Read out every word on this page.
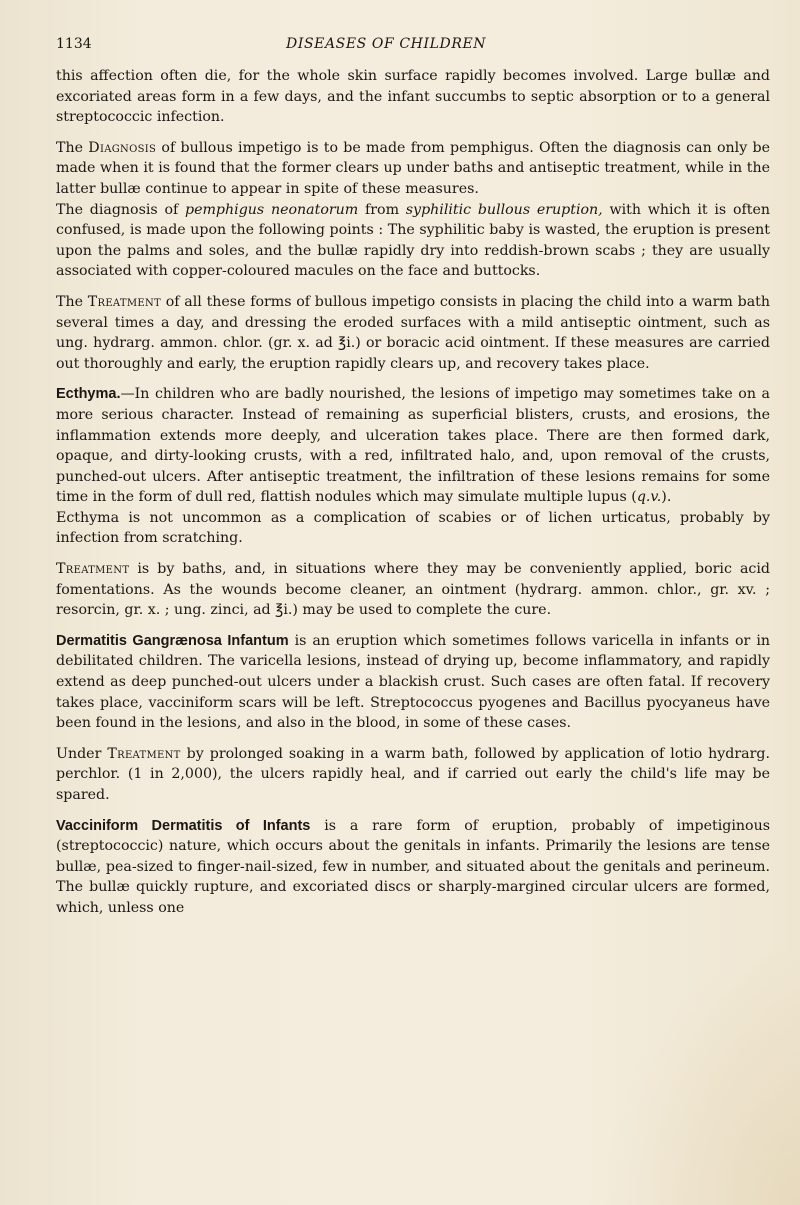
1134	DISEASES OF CHILDREN

this affection often die, for the whole skin surface rapidly becomes involved. Large bullæ and excoriated areas form in a few days, and the infant succumbs to septic absorption or to a general streptococcic infection.

The Diagnosis of bullous impetigo is to be made from pemphigus. Often the diagnosis can only be made when it is found that the former clears up under baths and antiseptic treatment, while in the latter bullæ continue to appear in spite of these measures.

The diagnosis of pemphigus neonatorum from syphilitic bullous eruption, with which it is often confused, is made upon the following points : The syphilitic baby is wasted, the eruption is present upon the palms and soles, and the bullæ rapidly dry into reddish-brown scabs ; they are usually associated with copper-coloured macules on the face and buttocks.

The Treatment of all these forms of bullous impetigo consists in placing the child into a warm bath several times a day, and dressing the eroded surfaces with a mild antiseptic ointment, such as ung. hydrarg. ammon. chlor. (gr. x. ad ℥i.) or boracic acid ointment. If these measures are carried out thoroughly and early, the eruption rapidly clears up, and recovery takes place.

Ecthyma.—In children who are badly nourished, the lesions of impetigo may sometimes take on a more serious character. Instead of remaining as superficial blisters, crusts, and erosions, the inflammation extends more deeply, and ulceration takes place. There are then formed dark, opaque, and dirty-looking crusts, with a red, infiltrated halo, and, upon removal of the crusts, punched-out ulcers. After antiseptic treatment, the infiltration of these lesions remains for some time in the form of dull red, flattish nodules which may simulate multiple lupus (q.v.).

Ecthyma is not uncommon as a complication of scabies or of lichen urticatus, probably by infection from scratching.

Treatment is by baths, and, in situations where they may be conveniently applied, boric acid fomentations. As the wounds become cleaner, an ointment (hydrarg. ammon. chlor., gr. xv. ; resorcin, gr. x. ; ung. zinci, ad ℥i.) may be used to complete the cure.

Dermatitis Gangrænosa Infantum is an eruption which sometimes follows varicella in infants or in debilitated children. The varicella lesions, instead of drying up, become inflammatory, and rapidly extend as deep punched-out ulcers under a blackish crust. Such cases are often fatal. If recovery takes place, vacciniform scars will be left. Streptococcus pyogenes and Bacillus pyocyaneus have been found in the lesions, and also in the blood, in some of these cases.

Under Treatment by prolonged soaking in a warm bath, followed by application of lotio hydrarg. perchlor. (1 in 2,000), the ulcers rapidly heal, and if carried out early the child's life may be spared.

Vacciniform Dermatitis of Infants is a rare form of eruption, probably of impetiginous (streptococcic) nature, which occurs about the genitals in infants. Primarily the lesions are tense bullæ, pea-sized to finger-nail-sized, few in number, and situated about the genitals and perineum. The bullæ quickly rupture, and excoriated discs or sharply-margined circular ulcers are formed, which, unless one
